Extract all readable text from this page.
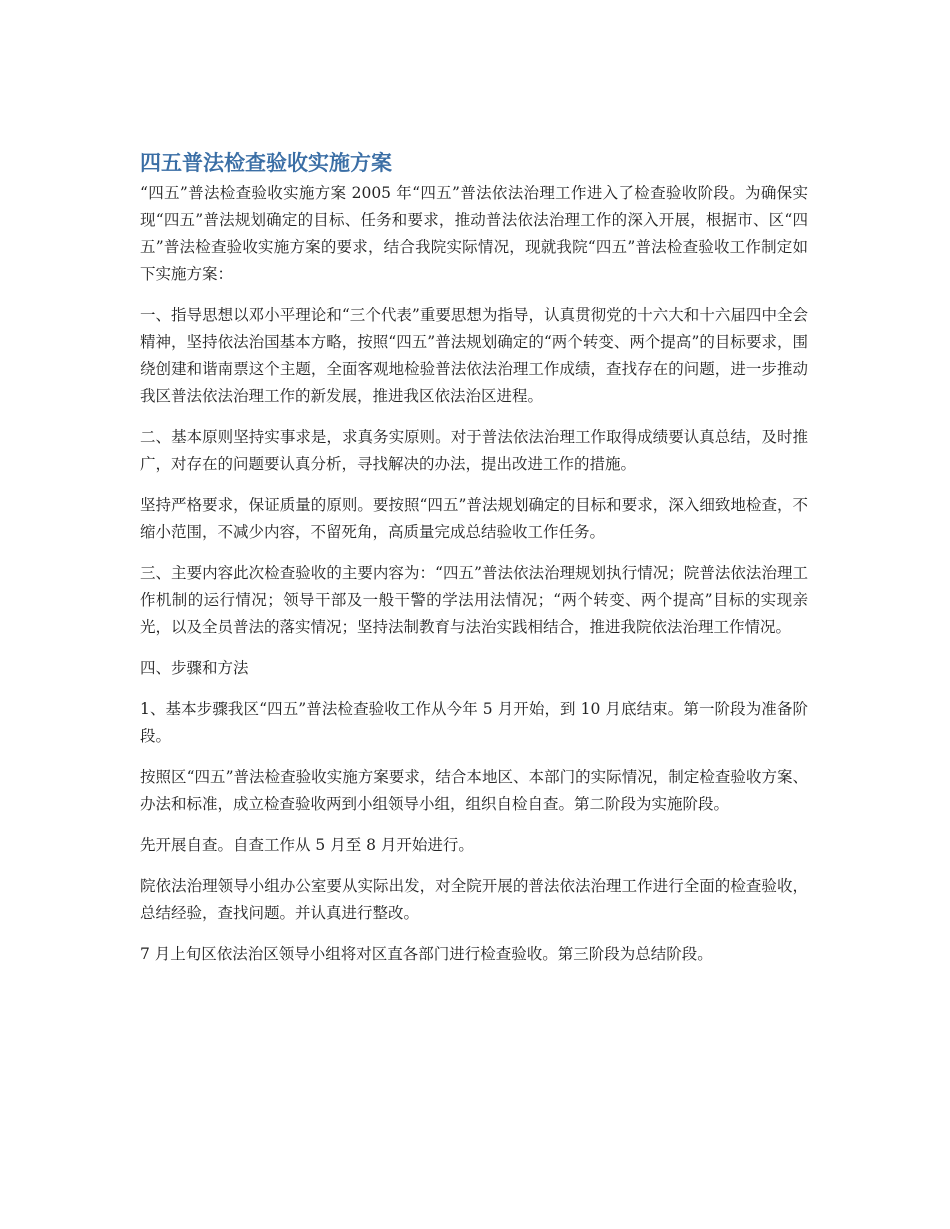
四五普法检查验收实施方案

“四五”普法检查验收实施方案 2005 年“四五”普法依法治理工作进入了检查验收阶段。为确保实现“四五”普法规划确定的目标、任务和要求，推动普法依法治理工作的深入开展，根据市、区“四五”普法检查验收实施方案的要求，结合我院实际情况，现就我院“四五”普法检查验收工作制定如下实施方案：

一、指导思想以邓小平理论和“三个代表”重要思想为指导，认真贯彻党的十六大和十六届四中全会精神，坚持依法治国基本方略，按照“四五”普法规划确定的“两个转变、两个提高”的目标要求，围绕创建和谐南票这个主题，全面客观地检验普法依法治理工作成绩，查找存在的问题，进一步推动我区普法依法治理工作的新发展，推进我区依法治区进程。

二、基本原则坚持实事求是，求真务实原则。对于普法依法治理工作取得成绩要认真总结，及时推广，对存在的问题要认真分析，寻找解决的办法，提出改进工作的措施。

坚持严格要求，保证质量的原则。要按照“四五”普法规划确定的目标和要求，深入细致地检查，不缩小范围，不减少内容，不留死角，高质量完成总结验收工作任务。

三、主要内容此次检查验收的主要内容为：“四五”普法依法治理规划执行情况；院普法依法治理工作机制的运行情况；领导干部及一般干警的学法用法情况；“两个转变、两个提高”目标的实现亲光，以及全员普法的落实情况；坚持法制教育与法治实践相结合，推进我院依法治理工作情况。

四、步骤和方法

1、基本步骤我区“四五”普法检查验收工作从今年 5 月开始，到 10 月底结束。第一阶段为准备阶段。

按照区“四五”普法检查验收实施方案要求，结合本地区、本部门的实际情况，制定检查验收方案、办法和标准，成立检查验收两到小组领导小组，组织自检自查。第二阶段为实施阶段。

先开展自查。自查工作从 5 月至 8 月开始进行。

院依法治理领导小组办公室要从实际出发，对全院开展的普法依法治理工作进行全面的检查验收，总结经验，查找问题。并认真进行整改。

7 月上旬区依法治区领导小组将对区直各部门进行检查验收。第三阶段为总结阶段。
